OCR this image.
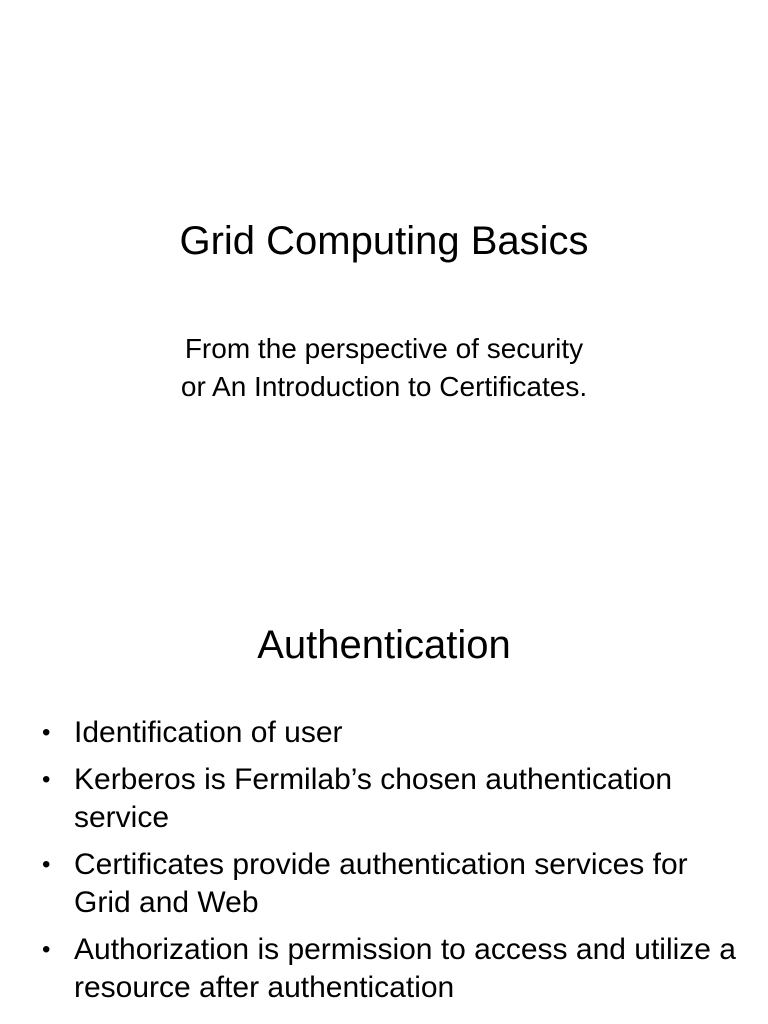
Grid Computing Basics

From the perspective of security
or An Introduction to Certificates.

Authentication
• Identification of user
• Kerberos is Fermilab’s chosen authentication service
• Certificates provide authentication services for Grid and Web
• Authorization is permission to access and utilize a resource after authentication
